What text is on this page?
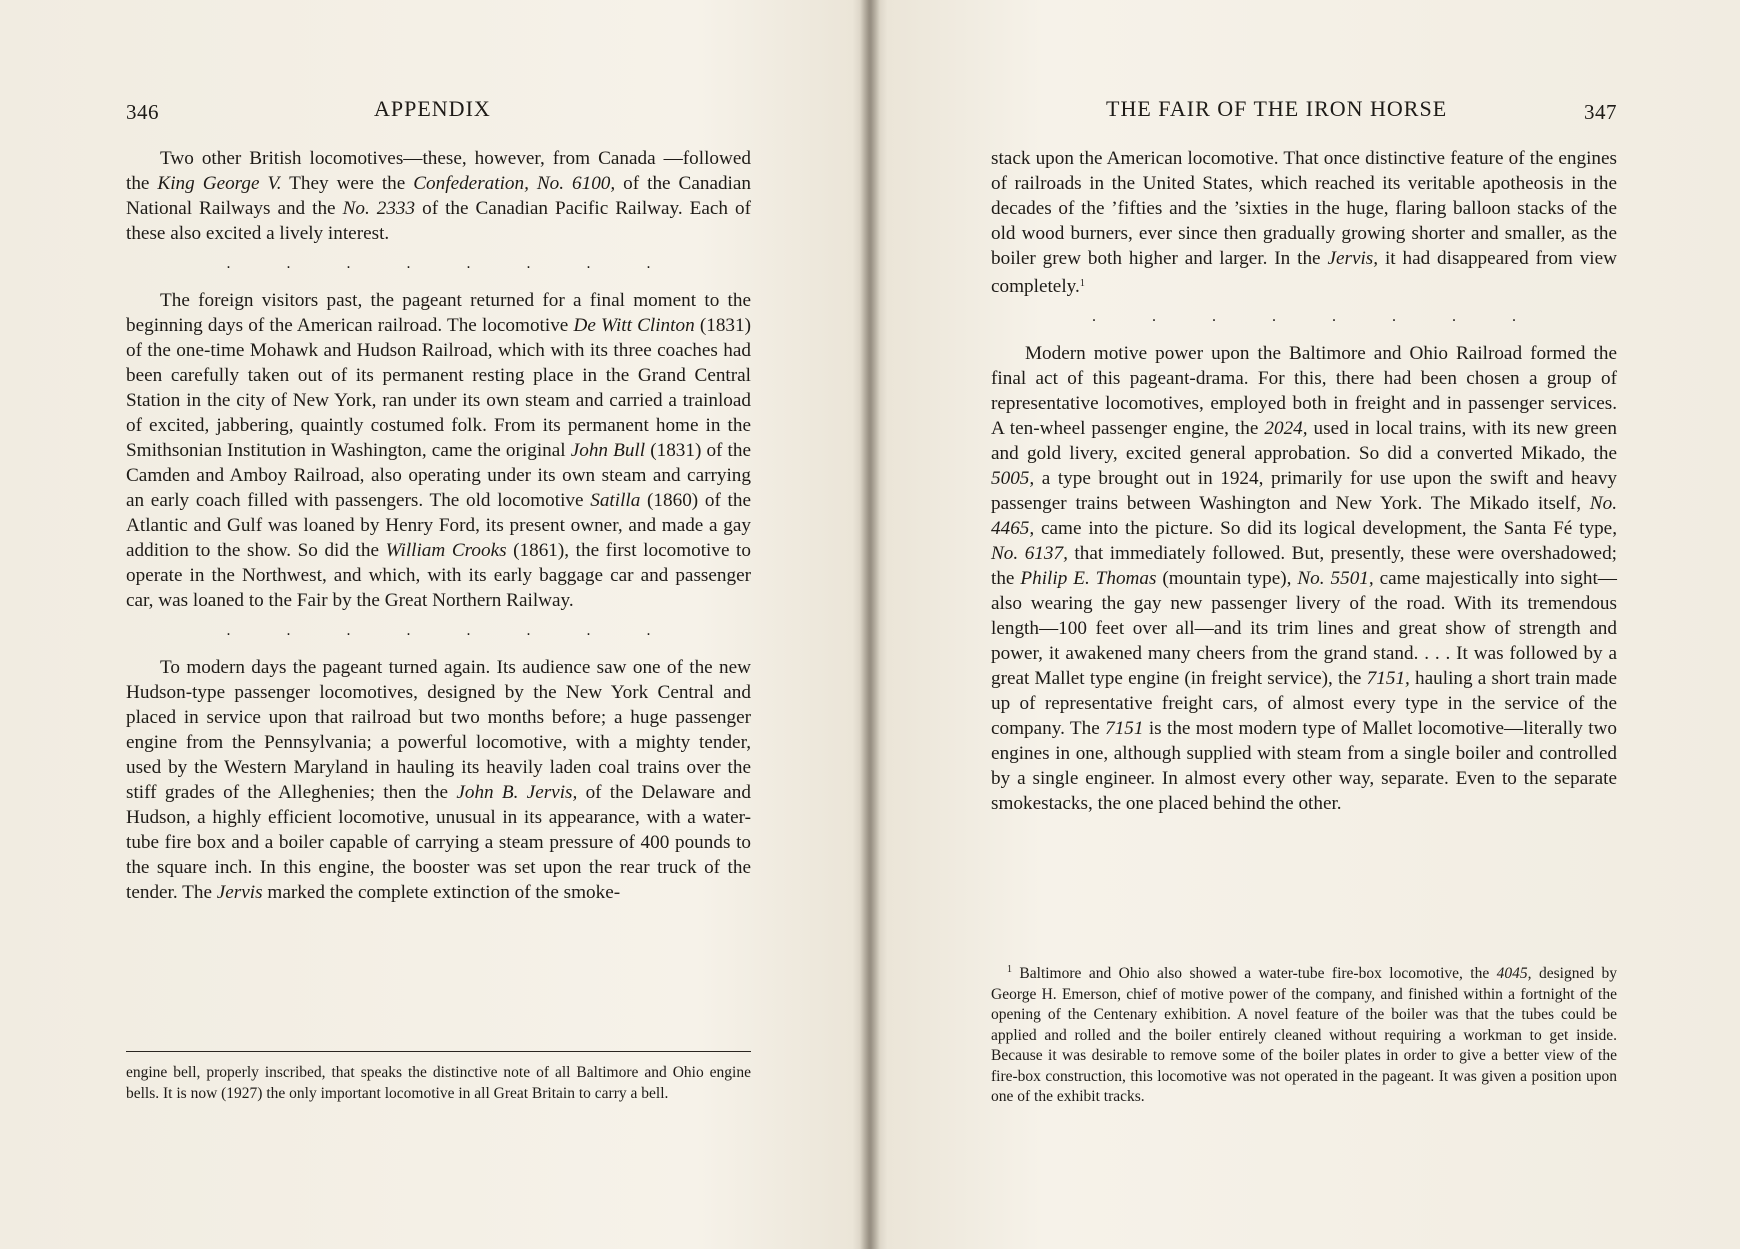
346	APPENDIX

Two other British locomotives—these, however, from Canada —followed the King George V. They were the Confederation, No. 6100, of the Canadian National Railways and the No. 2333 of the Canadian Pacific Railway. Each of these also excited a lively interest.

. . . . . . . .

The foreign visitors past, the pageant returned for a final moment to the beginning days of the American railroad. The locomotive De Witt Clinton (1831) of the one-time Mohawk and Hudson Railroad, which with its three coaches had been carefully taken out of its permanent resting place in the Grand Central Station in the city of New York, ran under its own steam and carried a trainload of excited, jabbering, quaintly costumed folk. From its permanent home in the Smithsonian Institution in Washington, came the original John Bull (1831) of the Camden and Amboy Railroad, also operating under its own steam and carrying an early coach filled with passengers. The old locomotive Satilla (1860) of the Atlantic and Gulf was loaned by Henry Ford, its present owner, and made a gay addition to the show. So did the William Crooks (1861), the first locomotive to operate in the Northwest, and which, with its early baggage car and passenger car, was loaned to the Fair by the Great Northern Railway.

. . . . . . . .

To modern days the pageant turned again. Its audience saw one of the new Hudson-type passenger locomotives, designed by the New York Central and placed in service upon that railroad but two months before; a huge passenger engine from the Pennsylvania; a powerful locomotive, with a mighty tender, used by the Western Maryland in hauling its heavily laden coal trains over the stiff grades of the Alleghenies; then the John B. Jervis, of the Delaware and Hudson, a highly efficient locomotive, unusual in its appearance, with a water-tube fire box and a boiler capable of carrying a steam pressure of 400 pounds to the square inch. In this engine, the booster was set upon the rear truck of the tender. The Jervis marked the complete extinction of the smoke-

engine bell, properly inscribed, that speaks the distinctive note of all Baltimore and Ohio engine bells. It is now (1927) the only important locomotive in all Great Britain to carry a bell.
THE FAIR OF THE IRON HORSE	347

stack upon the American locomotive. That once distinctive feature of the engines of railroads in the United States, which reached its veritable apotheosis in the decades of the ’fifties and the ’sixties in the huge, flaring balloon stacks of the old wood burners, ever since then gradually growing shorter and smaller, as the boiler grew both higher and larger. In the Jervis, it had disappeared from view completely.$^1$

. . . . . . . .

Modern motive power upon the Baltimore and Ohio Railroad formed the final act of this pageant-drama. For this, there had been chosen a group of representative locomotives, employed both in freight and in passenger services. A ten-wheel passenger engine, the 2024, used in local trains, with its new green and gold livery, excited general approbation. So did a converted Mikado, the 5005, a type brought out in 1924, primarily for use upon the swift and heavy passenger trains between Washington and New York. The Mikado itself, No. 4465, came into the picture. So did its logical development, the Santa Fé type, No. 6137, that immediately followed. But, presently, these were overshadowed; the Philip E. Thomas (mountain type), No. 5501, came majestically into sight—also wearing the gay new passenger livery of the road. With its tremendous length—100 feet over all—and its trim lines and great show of strength and power, it awakened many cheers from the grand stand. . . . It was followed by a great Mallet type engine (in freight service), the 7151, hauling a short train made up of representative freight cars, of almost every type in the service of the company. The 7151 is the most modern type of Mallet locomotive—literally two engines in one, although supplied with steam from a single boiler and controlled by a single engineer. In almost every other way, separate. Even to the separate smokestacks, the one placed behind the other.

$^1$ Baltimore and Ohio also showed a water-tube fire-box locomotive, the 4045, designed by George H. Emerson, chief of motive power of the company, and finished within a fortnight of the opening of the Centenary exhibition. A novel feature of the boiler was that the tubes could be applied and rolled and the boiler entirely cleaned without requiring a workman to get inside. Because it was desirable to remove some of the boiler plates in order to give a better view of the fire-box construction, this locomotive was not operated in the pageant. It was given a position upon one of the exhibit tracks.
